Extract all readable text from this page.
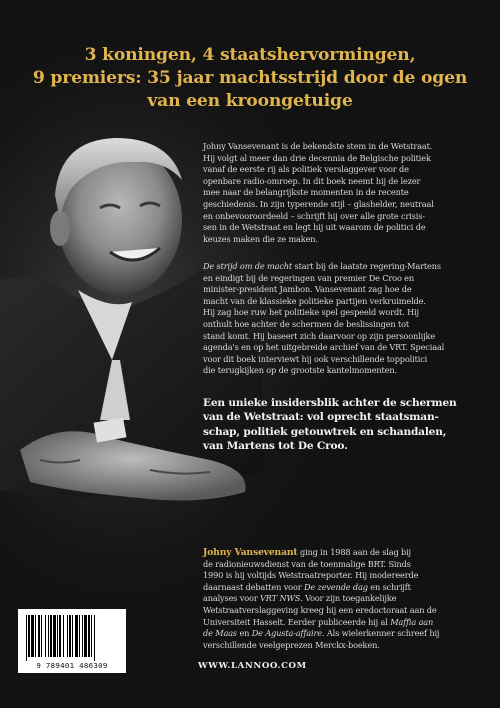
3 koningen, 4 staatshervormingen,
9 premiers: 35 jaar machtsstrijd door de ogen
van een kroongetuige
Johny Vansevenant is de bekendste stem in de Wetstraat.
Hij volgt al meer dan drie decennia de Belgische politiek
vanaf de eerste rij als politiek verslaggever voor de
openbare radio-omroep. In dit boek neemt hij de lezer
mee naar de belangrijkste momenten in de recente
geschiedenis. In zijn typerende stijl – glashelder, neutraal
en onbevooroordeeld – schrijft hij over alle grote crisis-
sen in de Wetstraat en legt hij uit waarom de politici de
keuzes maken die ze maken.
De strijd om de macht start bij de laatste regering-Martens
en eindigt bij de regeringen van premier De Croo en
minister-president Jambon. Vansevenant zag hoe de
macht van de klassieke politieke partijen verkruimelde.
Hij zag hoe ruw het politieke spel gespeeld wordt. Hij
onthult hoe achter de schermen de beslissingen tot
stand komt. Hij baseert zich daarvoor op zijn persoonlijke
agenda's en op het uitgebreide archief van de VRT. Speciaal
voor dit boek interviewt hij ook verschillende toppolitici
die terugkijken op de grootste kantelmomenten.
Een unieke insidersblik achter de schermen
van de Wetstraat: vol oprecht staatsman-
schap, politiek getouwtrek en schandalen,
van Martens tot De Croo.
Johny Vansevenant ging in 1988 aan de slag bij
de radionieuwsdienst van de toenmalige BRT. Sinds
1990 is hij voltijds Wetstraatreporter. Hij modereerde
daarnaast debatten voor De zevende dag en schrijft
analyses voor VRT NWS. Voor zijn toegankelijke
Wetstraatverslaggeving kreeg hij een eredoctoraat aan de
Universiteit Hasselt. Eerder publiceerde hij al Maffia aan
de Maas en De Agusta-affaire. Als wielerkenner schreef hij
verschillende veelgeprezen Merckx-boeken.
9 789401 486309	WWW.LANNOO.COM
